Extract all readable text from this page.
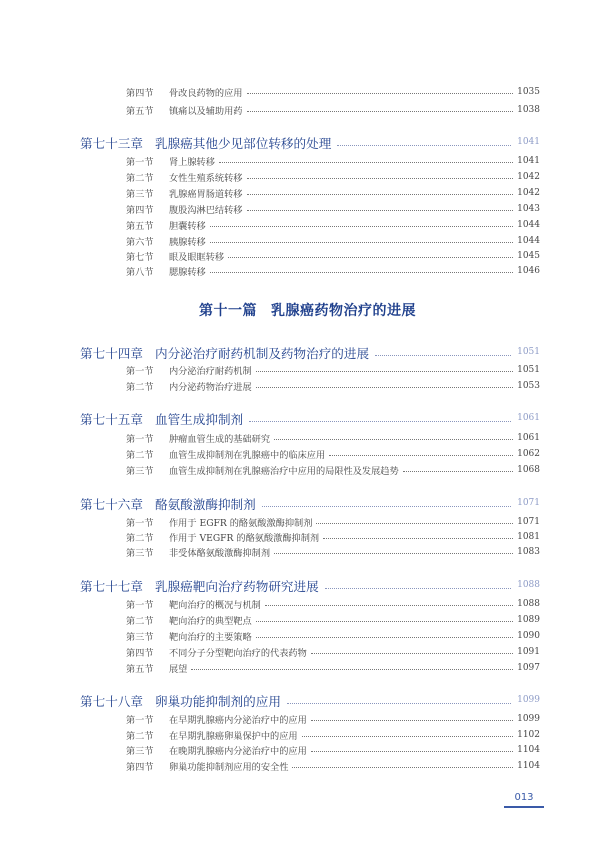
第四节	骨改良药物的应用	1035
第五节	镇痛以及辅助用药	1038
第七十三章 乳腺癌其他少见部位转移的处理	1041
第一节	肾上腺转移	1041
第二节	女性生殖系统转移	1042
第三节	乳腺癌胃肠道转移	1042
第四节	腹股沟淋巴结转移	1043
第五节	胆囊转移	1044
第六节	胰腺转移	1044
第七节	眼及眼眶转移	1045
第八节	腮腺转移	1046
第十一篇 乳腺癌药物治疗的进展
第七十四章 内分泌治疗耐药机制及药物治疗的进展	1051
第一节	内分泌治疗耐药机制	1051
第二节	内分泌药物治疗进展	1053
第七十五章 血管生成抑制剂	1061
第一节	肿瘤血管生成的基础研究	1061
第二节	血管生成抑制剂在乳腺癌中的临床应用	1062
第三节	血管生成抑制剂在乳腺癌治疗中应用的局限性及发展趋势	1068
第七十六章 酪氨酸激酶抑制剂	1071
第一节	作用于 EGFR 的酪氨酸激酶抑制剂	1071
第二节	作用于 VEGFR 的酪氨酸激酶抑制剂	1081
第三节	非受体酪氨酸激酶抑制剂	1083
第七十七章 乳腺癌靶向治疗药物研究进展	1088
第一节	靶向治疗的概况与机制	1088
第二节	靶向治疗的典型靶点	1089
第三节	靶向治疗的主要策略	1090
第四节	不同分子分型靶向治疗的代表药物	1091
第五节	展望	1097
第七十八章 卵巢功能抑制剂的应用	1099
第一节	在早期乳腺癌内分泌治疗中的应用	1099
第二节	在早期乳腺癌卵巢保护中的应用	1102
第三节	在晚期乳腺癌内分泌治疗中的应用	1104
第四节	卵巢功能抑制剂应用的安全性	1104
013
